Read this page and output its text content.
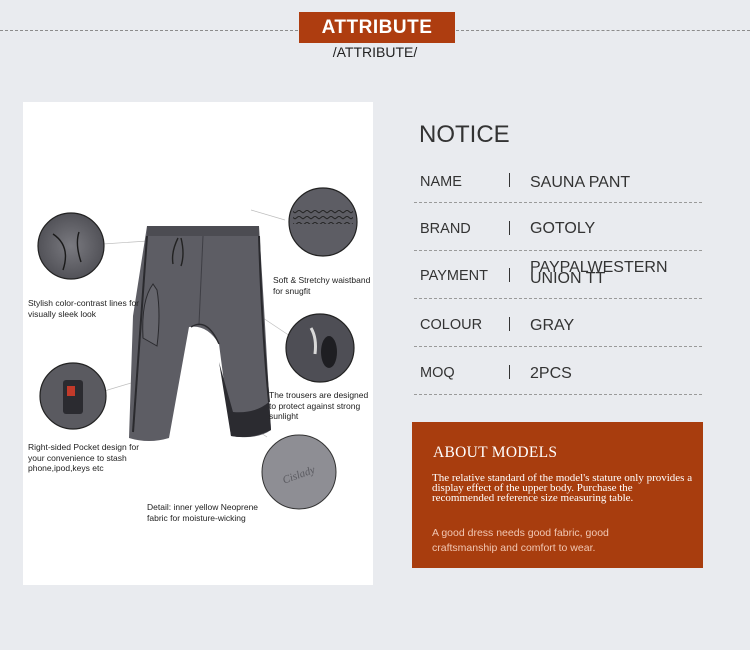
ATTRIBUTE
/ATTRIBUTE/
Cislady
Soft & Stretchy waistband for snugfit
Stylish color-contrast lines for visually sleek look
The trousers are designed to protect against strong sunlight
Right-sided Pocket design for your convenience to stash phone,ipod,keys etc
Detail: inner yellow Neoprene fabric for moisture-wicking
NOTICE
NAME	SAUNA PANT
BRAND	GOTOLY
PAYMENT	PAYPALWESTERN UNION TT
COLOUR	GRAY
MOQ	2PCS
ABOUT MODELS
The relative standard of the model's stature only provides a display effect of the upper body. Purchase the recommended reference size measuring table.
A good dress needs good fabric, good craftsmanship and comfort to wear.
